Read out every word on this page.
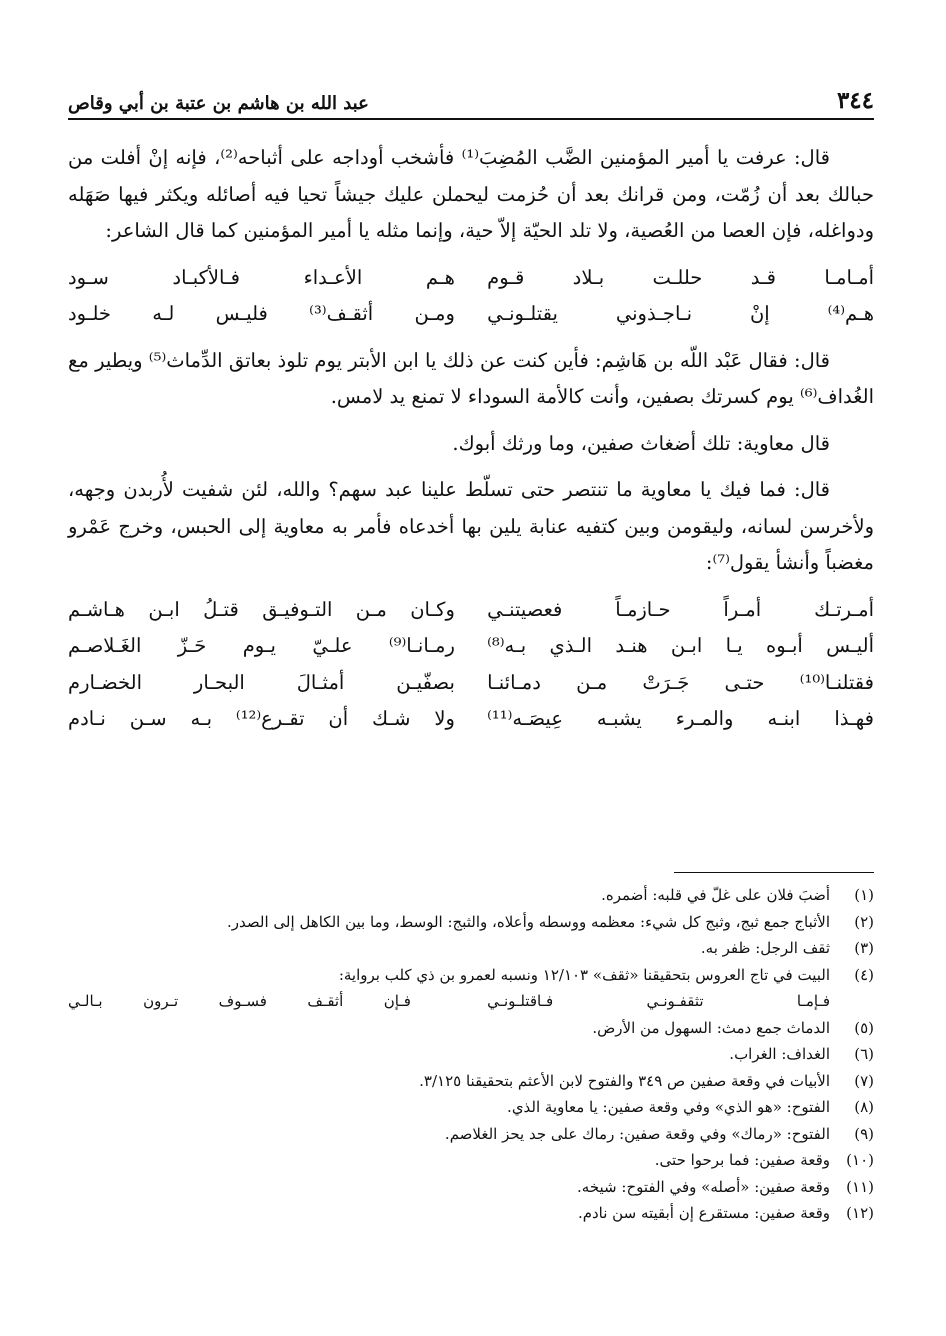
٣٤٤
عبد الله بن هاشم بن عتبة بن أبي وقاص

قال: عرفت يا أمير المؤمنين الضَّب المُضِبَ⁽¹⁾ فأشخب أوداجه على أثباحه⁽²⁾، فإنه إنْ أفلت من حبالك بعد أن زُمّت، ومن قرانك بعد أن حُزمت ليحملن عليك جيشاً تحيا فيه أصائله ويكثر فيها صَهَله ودواغله، فإن العصا من العُصية، ولا تلد الحيّة إلاّ حية، وإنما مثله يا أمير المؤمنين كما قال الشاعر:

أمـامـا قـد حللـت بـلاد قـوم
هـم الأعـداء فـالأكبـاد سـود
هـم⁽⁴⁾ إنْ نـاجـذوني يقتلـونـي
ومـن أثقـف⁽³⁾ فليـس لـه خلـود

قال: فقال عَبْد اللّه بن هَاشِم: فأين كنت عن ذلك يا ابن الأبتر يوم تلوذ بعاتق الدِّماث⁽⁵⁾ ويطير مع الغُداف⁽⁶⁾ يوم كسرتك بصفين، وأنت كالأمة السوداء لا تمنع يد لامس.

قال معاوية: تلك أضغاث صفين، وما ورثك أبوك.

قال: فما فيك يا معاوية ما تنتصر حتى تسلّط علينا عبد سهم؟ والله، لئن شفيت لأُربدن وجهه، ولأخرسن لسانه، وليقومن وبين كتفيه عنابة يلين بها أخدعاه فأمر به معاوية إلى الحبس، وخرج عَمْرو مغضباً وأنشأ يقول⁽⁷⁾:

أمـرتـك أمـراً حـازمـاً فعصيتنـي
وكـان مـن التـوفيـق قتـلُ ابـن هـاشـم
أليـس أبـوه يـا ابـن هنـد الـذي بـه⁽⁸⁾
رمـانـا⁽⁹⁾ علـيّ يـوم حَـزّ الغَـلاصـم
فقتلنـا⁽¹⁰⁾ حتـى جَـرَتْ مـن دمـائنـا
بصفّيـن أمثـالَ البحـار الخضـارم
فهـذا ابنـه والمـرء يشبـه عِيصَـه⁽¹¹⁾
ولا شـك أن تقـرع⁽¹²⁾ بـه سـن نـادم
(١)
أضبَ فلان على غلّ في قلبه: أضمره.
(٢)
الأثباج جمع ثبج، وثبج كل شيء: معظمه ووسطه وأعلاه، والثبج: الوسط، وما بين الكاهل إلى الصدر.
(٣)
ثقف الرجل: ظفر به.
(٤)
البيت في تاج العروس بتحقيقنا «ثقف» ١٢/١٠٣ ونسبه لعمرو بن ذي كلب برواية:
فـإمـا تثقفـونـي فـاقتلـونـي
فـإن أثقـف فسـوف تـرون بـالـي
(٥)
الدماث جمع دمث: السهول من الأرض.
(٦)
الغداف: الغراب.
(٧)
الأبيات في وقعة صفين ص ٣٤٩ والفتوح لابن الأعثم بتحقيقنا ٣/١٢٥.
(٨)
الفتوح: «هو الذي» وفي وقعة صفين: يا معاوية الذي.
(٩)
الفتوح: «رماك» وفي وقعة صفين: رماك على جد يحز الغلاصم.
(١٠)
وقعة صفين: فما برحوا حتى.
(١١)
وقعة صفين: «أصله» وفي الفتوح: شيخه.
(١٢)
وقعة صفين: مستقرع إن أبقيته سن نادم.
